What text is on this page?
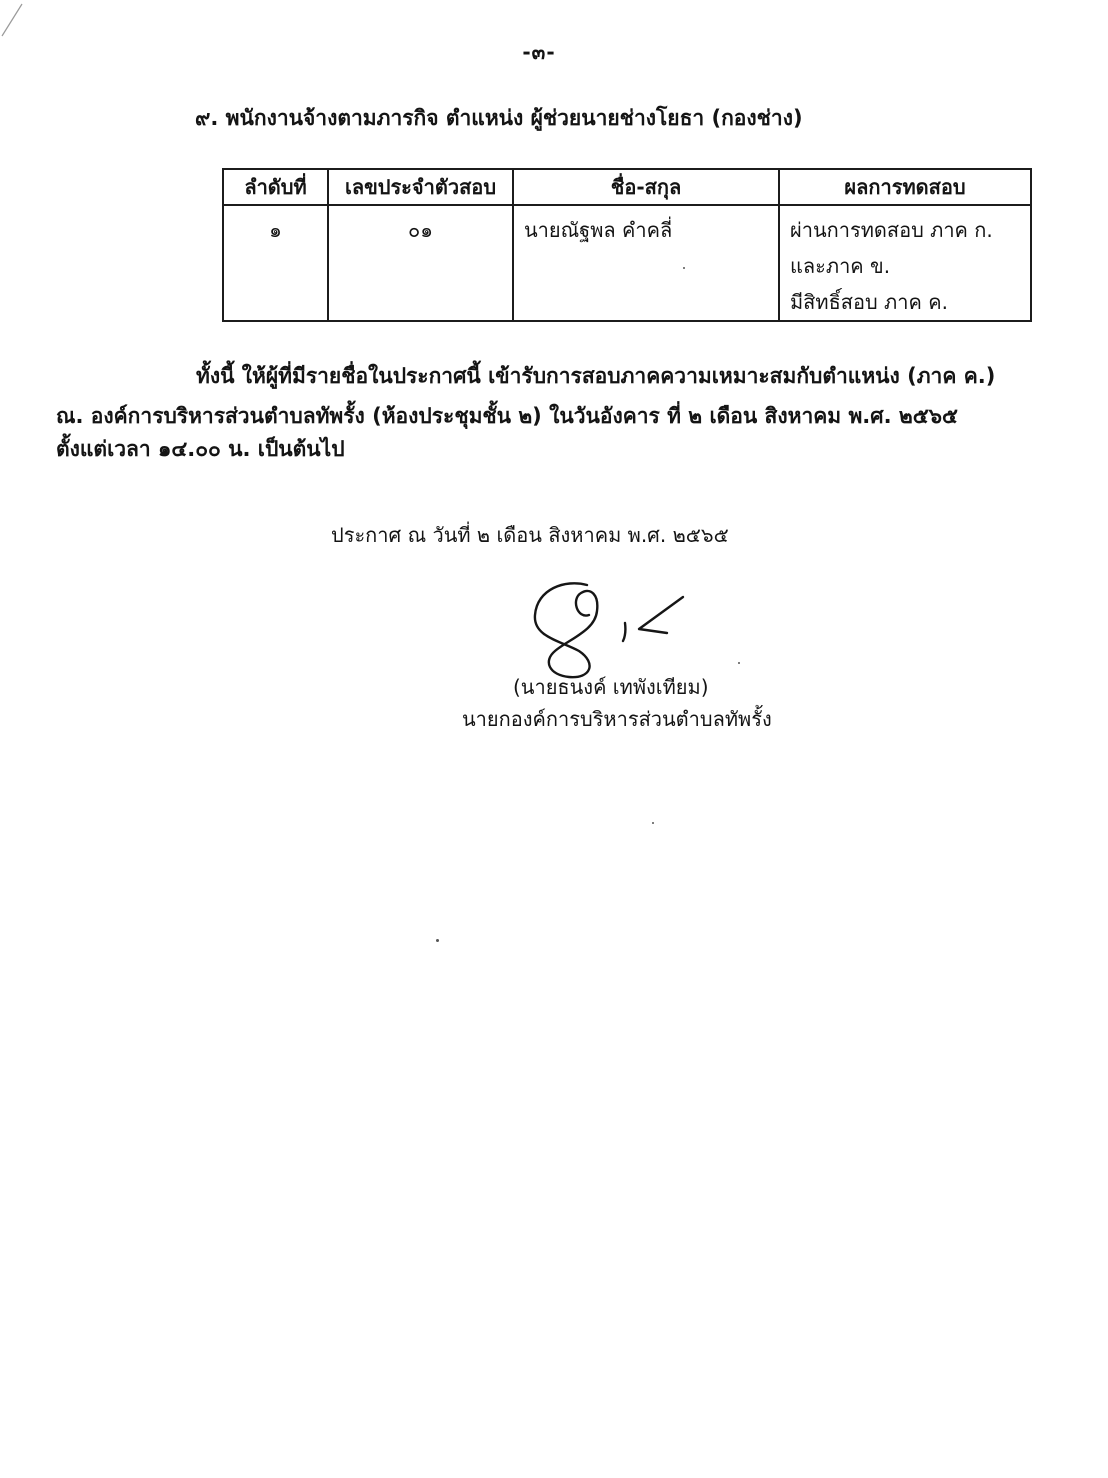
-๓-
๙. พนักงานจ้างตามภารกิจ ตำแหน่ง ผู้ช่วยนายช่างโยธา (กองช่าง)
ลำดับที่	เลขประจำตัวสอบ	ชื่อ-สกุล	ผลการทดสอบ
๑	๐๑	นายณัฐพล คำคลี่	ผ่านการทดสอบ ภาค ก.
และภาค ข.
มีสิทธิ์สอบ ภาค ค.
ทั้งนี้ ให้ผู้ที่มีรายชื่อในประกาศนี้ เข้ารับการสอบภาคความเหมาะสมกับตำแหน่ง (ภาค ค.)
ณ. องค์การบริหารส่วนตำบลทัพรั้ง (ห้องประชุมชั้น ๒) ในวันอังคาร ที่ ๒ เดือน สิงหาคม พ.ศ. ๒๕๖๕
ตั้งแต่เวลา ๑๔.๐๐ น. เป็นต้นไป
ประกาศ ณ วันที่ ๒ เดือน สิงหาคม พ.ศ. ๒๕๖๕
(นายธนงค์ เทพังเทียม)
นายกองค์การบริหารส่วนตำบลทัพรั้ง
